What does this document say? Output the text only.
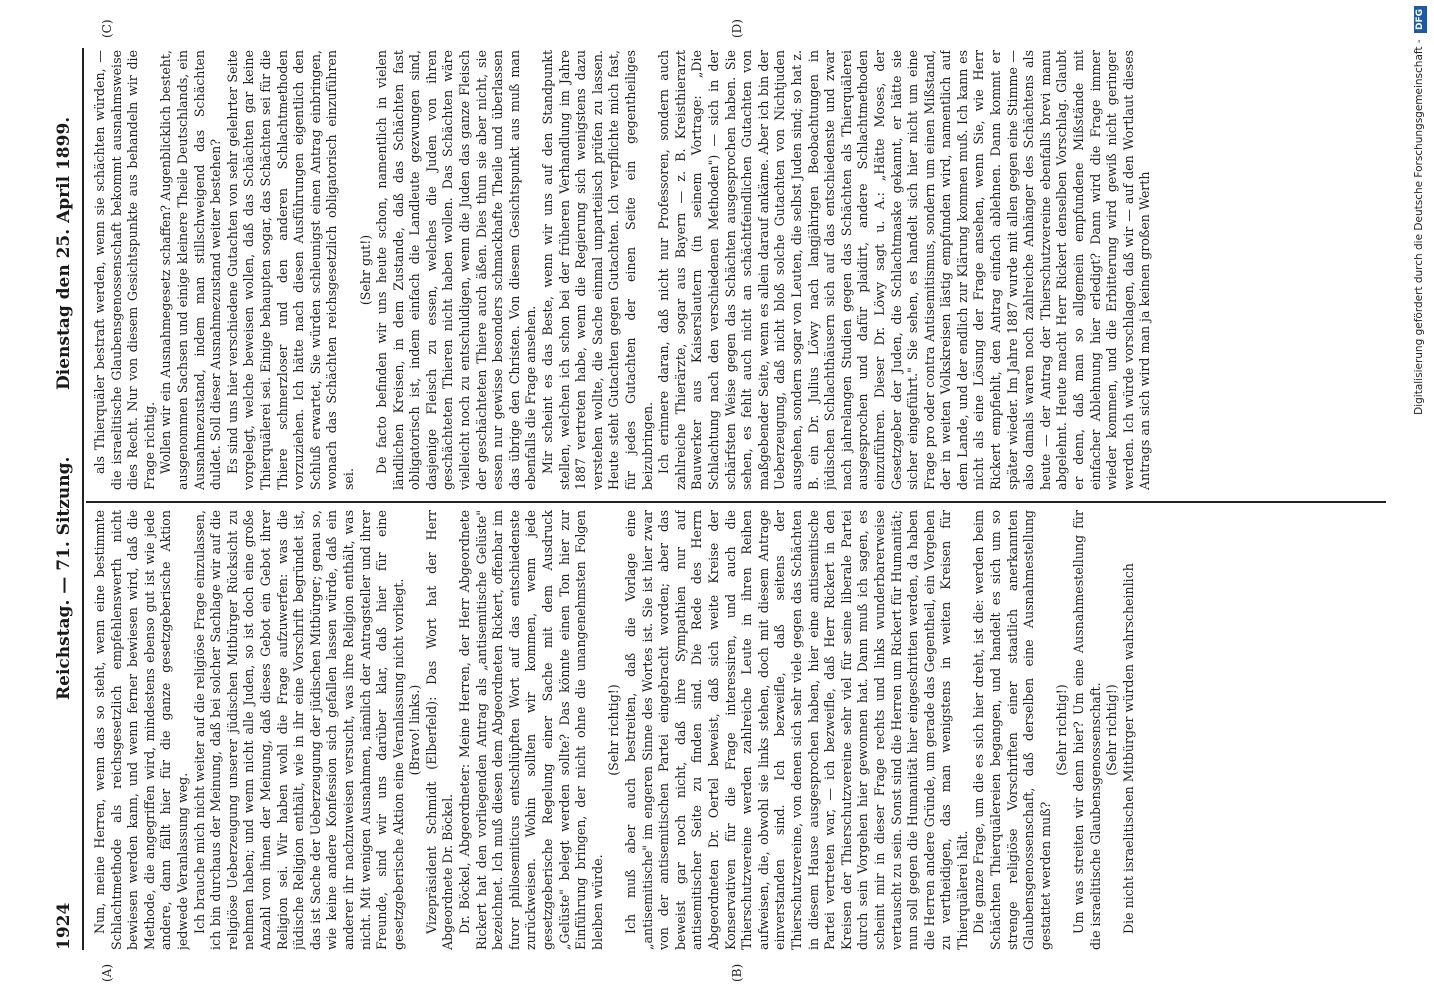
1924
Reichstag. — 71. Sitzung.
Dienstag den 25. April 1899.
(A)	(B)
(C)	(D)

Nun, meine Herren, wenn das so steht, wenn eine bestimmte Schlachtmethode als reichsgesetzlich empfehlenswerth nicht bewiesen werden kann, und wenn ferner bewiesen wird, daß die Methode, die angegriffen wird, mindestens ebenso gut ist wie jede andere, dann fällt hier für die ganze gesetzgeberische Aktion jedwede Veranlassung weg. Ich brauche mich nicht weiter auf die religiöse Frage einzulassen, ich bin durchaus der Meinung, daß bei solcher Sachlage wir auf die religiöse Ueberzeugung unserer jüdischen Mitbürger Rücksicht zu nehmen haben; und wenn nicht alle Juden, so ist doch eine große Anzahl von ihnen der Meinung, daß dieses Gebot ein Gebot ihrer Religion sei. Wir haben wohl die Frage aufzuwerfen: was die jüdische Religion enthält, wie in ihr eine Vorschrift begründet ist, das ist Sache der Ueberzeugung der jüdischen Mitbürger; genau so, wie keine andere Konfession sich gefallen lassen würde, daß ein anderer ihr nachzuweisen versucht, was ihre Religion enthält, was nicht. Mit wenigen Ausnahmen, nämlich der Antragsteller und ihrer Freunde, sind wir uns darüber klar, daß hier für eine gesetzgeberische Aktion eine Veranlassung nicht vorliegt. (Bravo! links.) Vizepräsident Schmidt (Elberfeld): Das Wort hat der Herr Abgeordnete Dr. Böckel. Dr. Böckel, Abgeordneter: Meine Herren, der Herr Abgeordnete Rickert hat den vorliegenden Antrag als „antisemitische Gelüste" bezeichnet. Ich muß diesen dem Abgeordneten Rickert, offenbar im furor philosemiticus entschlüpften Wort auf das entschiedenste zurückweisen. Wohin sollten wir kommen, wenn jede gesetzgeberische Regelung einer Sache mit dem Ausdruck „Gelüste" belegt werden sollte? Das könnte einen Ton hier zur Einführung bringen, der nicht ohne die unangenehmsten Folgen bleiben würde.

(Sehr richtig!) Ich muß aber auch bestreiten, daß die Vorlage eine „antisemitische" im engeren Sinne des Wortes ist. Sie ist hier zwar von der antisemitischen Partei eingebracht worden; aber das beweist gar noch nicht, daß ihre Sympathien nur auf antisemitischer Seite zu finden sind. Die Rede des Herrn Abgeordneten Dr. Oertel beweist, daß sich weite Kreise der Konservativen für die Frage interessiren, und auch die Thierschutzvereine werden zahlreiche Leute in ihren Reihen aufweisen, die, obwohl sie links stehen, doch mit diesem Antrage einverstanden sind. Ich bezweifle, daß seitens der Thierschutzvereine, von denen sich sehr viele gegen das Schächten in diesem Hause ausgesprochen haben, hier eine antisemitische Partei vertreten war, — ich bezweifle, daß Herr Rickert in den Kreisen der Thierschutzvereine sehr viel für seine liberale Partei durch sein Vorgehen hier gewonnen hat. Dann muß ich sagen, es scheint mir in dieser Frage rechts und links wunderbarerweise vertauscht zu sein. Sonst sind die Herren um Rickert für Humanität; nun soll gegen die Humanität hier eingeschritten werden, da haben die Herren andere Gründe, um gerade das Gegentheil, ein Vorgehen zu vertheidigen, das man wenigstens in weiten Kreisen für Thierquälerei hält. Die ganze Frage, um die es sich hier dreht, ist die: werden beim Schächten Thierquälereien begangen, und handelt es sich um so strenge religiöse Vorschriften einer staatlich anerkannten Glaubensgenossenschaft, daß derselben eine Ausnahmestellung gestattet werden muß?

(Sehr richtig!) Um was streiten wir denn hier? Um eine Ausnahmestellung für die israelitische Glaubensgenossenschaft. (Sehr richtig!) Die nicht israelitischen Mitbürger würden wahrscheinlich

als Thierquäler bestraft werden, wenn sie schächten würden, — die israelitische Glaubensgenossenschaft bekommt ausnahmsweise dies Recht. Nur von diesem Gesichtspunkte aus behandeln wir die Frage richtig. Wollen wir ein Ausnahmegesetz schaffen? Augenblicklich besteht, ausgenommen Sachsen und einige kleinere Theile Deutschlands, ein Ausnahmezustand, indem man stillschweigend das Schächten duldet. Soll dieser Ausnahmezustand weiter bestehen? Es sind uns hier verschiedene Gutachten von sehr gelehrter Seite vorgelegt, welche beweisen wollen, daß das Schächten gar keine Thierquälerei sei. Einige behaupten sogar, das Schächten sei für die Thiere schmerzloser und den anderen Schlachtmethoden vorzuziehen. Ich hätte nach diesen Ausführungen eigentlich den Schluß erwartet, Sie würden schleunigst einen Antrag einbringen, wonach das Schächten reichsgesetzlich obligatorisch einzuführen sei.

(Sehr gut!) De facto befinden wir uns heute schon, namentlich in vielen ländlichen Kreisen, in dem Zustande, daß das Schächten fast obligatorisch ist, indem einfach die Landleute gezwungen sind, dasjenige Fleisch zu essen, welches die Juden von ihren geschächteten Thieren nicht haben wollen. Das Schächten wäre vielleicht noch zu entschuldigen, wenn die Juden das ganze Fleisch der geschächteten Thiere auch äßen. Dies thun sie aber nicht, sie essen nur gewisse besonders schmackhafte Theile und überlassen das übrige den Christen. Von diesem Gesichtspunkt aus muß man ebenfalls die Frage ansehen. Mir scheint es das Beste, wenn wir uns auf den Standpunkt stellen, welchen ich schon bei der früheren Verhandlung im Jahre 1887 vertreten habe, wenn die Regierung sich wenigstens dazu verstehen wollte, die Sache einmal unparteiisch prüfen zu lassen. Heute steht Gutachten gegen Gutachten. Ich verpflichte mich fast, für jedes Gutachten der einen Seite ein gegentheiliges beizubringen. Ich erinnere daran, daß nicht nur Professoren, sondern auch zahlreiche Thierärzte, sogar aus Bayern — z. B. Kreisthierarzt Bauwerker aus Kaiserslautern (in seinem Vortrage: „Die Schlachtung nach den verschiedenen Methoden") — sich in der schärfsten Weise gegen das Schächten ausgesprochen haben. Sie sehen, es fehlt auch nicht an schächtfeindlichen Gutachten von maßgebender Seite, wenn es allein darauf ankäme. Aber ich bin der Ueberzeugung, daß nicht bloß solche Gutachten von Nichtjuden ausgehen, sondern sogar von Leuten, die selbst Juden sind; so hat z. B. ein Dr. Julius Löwy nach langjährigen Beobachtungen in jüdischen Schlachthäusern sich auf das entschiedenste und zwar nach jahrelangen Studien gegen das Schächten als Thierquälerei ausgesprochen und dafür plaidirt, andere Schlachtmethoden einzuführen. Dieser Dr. Löwy sagt u. A.: „Hätte Moses, der Gesetzgeber der Juden, die Schlachtmaske gekannt, er hätte sie sicher eingeführt." Sie sehen, es handelt sich hier nicht um eine Frage pro oder contra Antisemitismus, sondern um einen Mißstand, der in weiten Volkskreisen lästig empfunden wird, namentlich auf dem Lande, und der endlich zur Klärung kommen muß. Ich kann es nicht als eine Lösung der Frage ansehen, wenn Sie, wie Herr Rickert empfiehlt, den Antrag einfach ablehnen. Dann kommt er später wieder. Im Jahre 1887 wurde mit allen gegen eine Stimme — also damals waren noch zahlreiche Anhänger des Schächtens als heute — der Antrag der Thierschutzvereine ebenfalls brevi manu abgelehnt. Heute macht Herr Rickert denselben Vorschlag. Glaubt er denn, daß man so allgemein empfundene Mißstände mit einfacher Ablehnung hier erledigt? Dann wird die Frage immer wieder kommen, und die Erbitterung wird gewiß nicht geringer werden. Ich würde vorschlagen, daß wir — auf den Wortlaut dieses Antrags an sich wird man ja keinen großen Werth	Digitalisierung gefördert durch die Deutsche Forschungsgemeinschaft - DFG
